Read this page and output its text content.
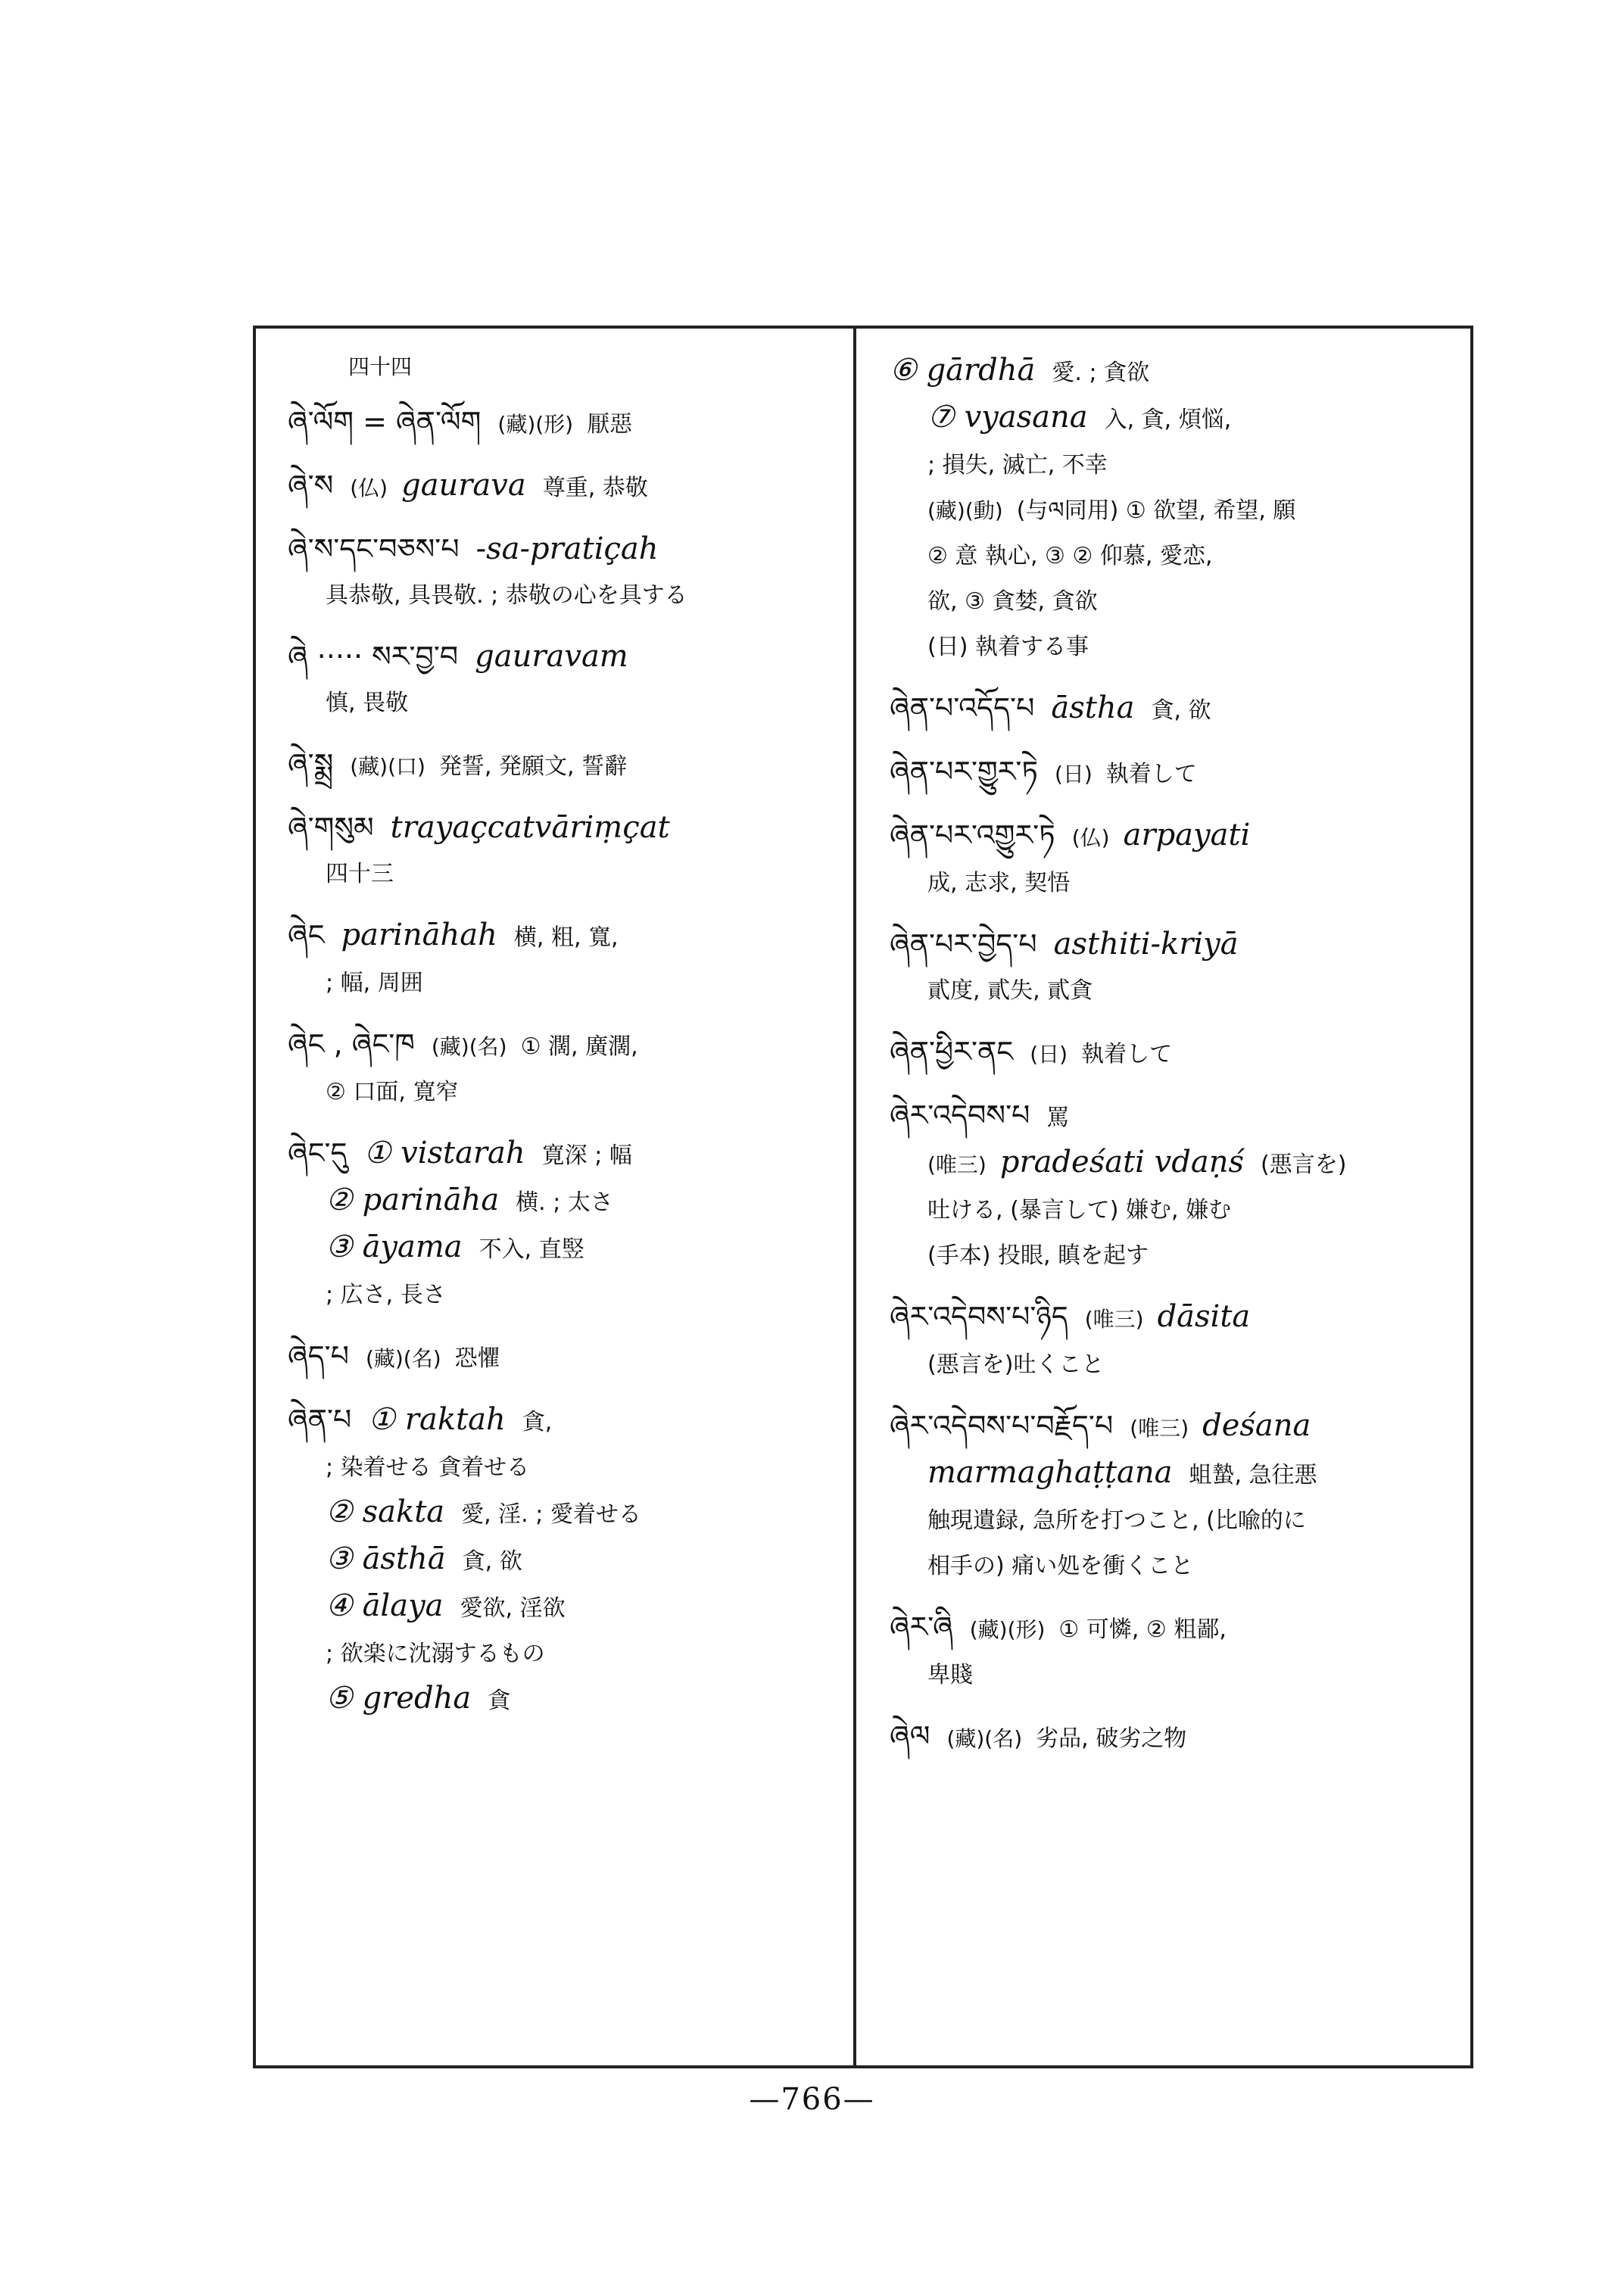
四十四
ཞེ་ལོག = ཞེན་ལོག (藏)(形) 厭惡
ཞེ་ས (仏) gaurava 尊重, 恭敬
ཞེ་ས་དང་བཅས་པ -sa-pratiçah
具恭敬, 具畏敬. ; 恭敬の心を具する
ཞེ ····· སར་བྱ་བ gauravam
慎, 畏敬
ཞེ་སྨྲ (藏)(口) 発誓, 発願文, 誓辭
ཞེ་གསུམ trayaçcatvāriṃçat
四十三
ཞེང parināhah 横, 粗, 寬,
; 幅, 周囲
ཞེང , ཞེང་ཁ (藏)(名) ① 濶, 廣濶,
② 口面, 寛窄
ཞེང་དུ ① vistarah 寛深 ; 幅
② parināha 横. ; 太さ
③ āyama 不入, 直竪
; 広さ, 長さ
ཞེད་པ (藏)(名) 恐懼
ཞེན་པ ① raktah 貪,
; 染着せる 貪着せる
② sakta 愛, 淫. ; 愛着せる
③ āsthā 貪, 欲
④ ālaya 愛欲, 淫欲
; 欲楽に沈溺するもの
⑤ gredha 貪
⑥ gārdhā 愛. ; 貪欲
⑦ vyasana 入, 貪, 煩悩,
; 損失, 滅亡, 不幸
(藏)(動) (与ལ同用) ① 欲望, 希望, 願
② 意 執心, ③ ② 仰慕, 愛恋,
欲, ③ 貪婪, 貪欲
(日) 執着する事
ཞེན་པ་འདོད་པ āstha 貪, 欲
ཞེན་པར་གྱུར་ཏེ (日) 執着して
ཞེན་པར་འགྱུར་ཏེ (仏) arpayati
成, 志求, 契悟
ཞེན་པར་བྱེད་པ asthiti-kriyā
貳度, 貳失, 貳貪
ཞེན་ཕྱིར་ནང (日) 執着して
ཞེར་འདེབས་པ 罵
(唯三) pradeśati vdaṇś (悪言を)
吐ける, (暴言して) 嫌む, 嫌む
(手本) 投眼, 瞋を起す
ཞེར་འདེབས་པ་ཉིད (唯三) dāsita
(悪言を)吐くこと
ཞེར་འདེབས་པ་བརྗོད་པ (唯三) deśana
marmaghaṭṭana 蛆蟄, 急往悪
触現遺録, 急所を打つこと, (比喩的に
相手の) 痛い処を衝くこと
ཞེར་ཞི (藏)(形) ① 可憐, ② 粗鄙,
卑賤
ཞེལ (藏)(名) 劣品, 破劣之物
—766—
